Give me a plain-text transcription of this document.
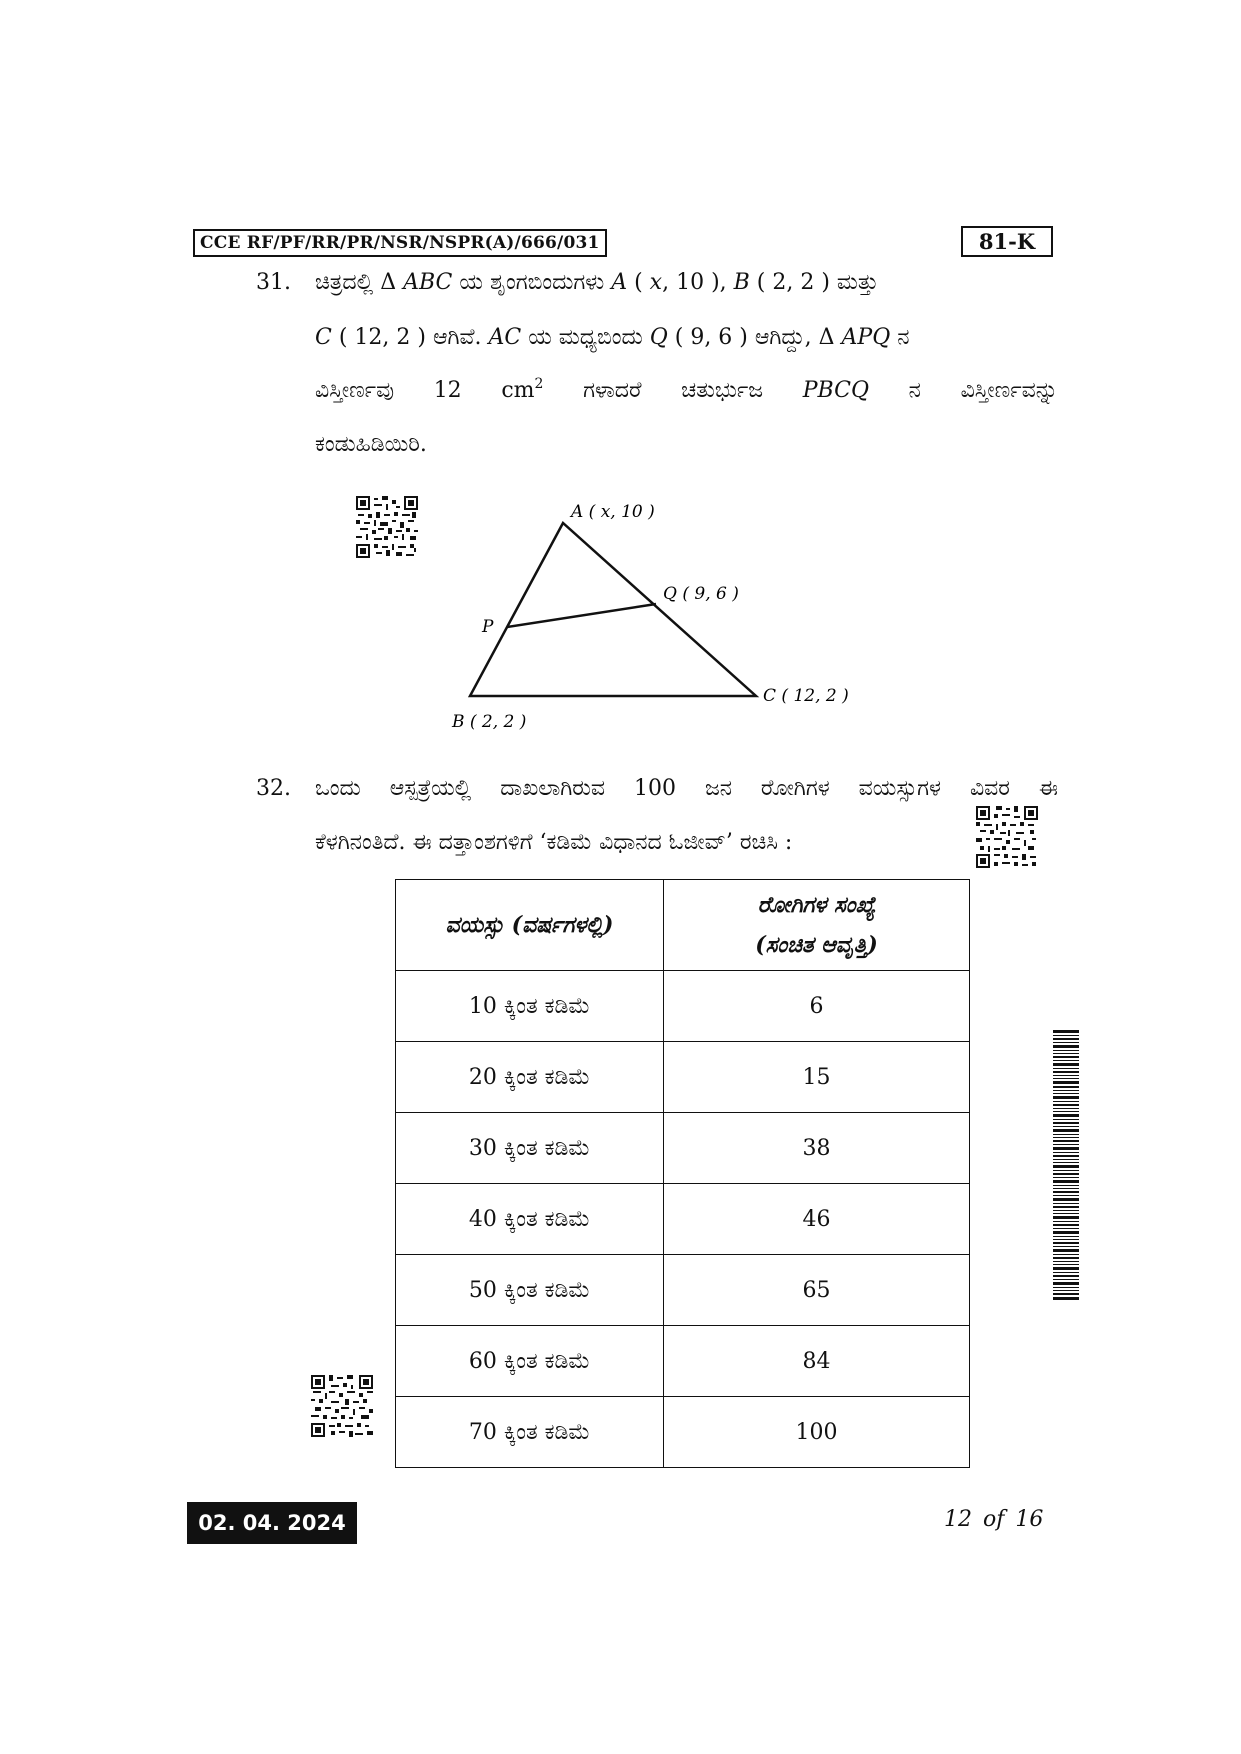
CCE RF/PF/RR/PR/NSR/NSPR(A)/666/031	81-K
31. ಚಿತ್ರದಲ್ಲಿ Δ ABC ಯ ಶೃಂಗಬಿಂದುಗಳು A ( x, 10 ), B ( 2, 2 ) ಮತ್ತು
C ( 12, 2 ) ಆಗಿವೆ. AC ಯ ಮಧ್ಯಬಿಂದು Q ( 9, 6 ) ಆಗಿದ್ದು, Δ APQ ನ
ವಿಸ್ತೀರ್ಣವು 12 $cm^2$ ಗಳಾದರೆ ಚತುರ್ಭುಜ PBCQ ನ ವಿಸ್ತೀರ್ಣವನ್ನು
ಕಂಡುಹಿಡಿಯಿರಿ.
A ( x, 10 )
Q ( 9, 6 )
P
C ( 12, 2 )
B ( 2, 2 )
32. ಒಂದು ಆಸ್ಪತ್ರೆಯಲ್ಲಿ ದಾಖಲಾಗಿರುವ 100 ಜನ ರೋಗಿಗಳ ವಯಸ್ಸುಗಳ ವಿವರ ಈ
ಕೆಳಗಿನಂತಿದೆ. ಈ ದತ್ತಾಂಶಗಳಿಗೆ ‘ಕಡಿಮೆ ವಿಧಾನದ ಓಜೀವ್’ ರಚಿಸಿ :
ವಯಸ್ಸು (ವರ್ಷಗಳಲ್ಲಿ)	ರೋಗಿಗಳ ಸಂಖ್ಯೆ
(ಸಂಚಿತ ಆವೃತ್ತಿ)

10 ಕ್ಕಿಂತ ಕಡಿಮೆ	6
20 ಕ್ಕಿಂತ ಕಡಿಮೆ	15
30 ಕ್ಕಿಂತ ಕಡಿಮೆ	38
40 ಕ್ಕಿಂತ ಕಡಿಮೆ	46
50 ಕ್ಕಿಂತ ಕಡಿಮೆ	65
60 ಕ್ಕಿಂತ ಕಡಿಮೆ	84
70 ಕ್ಕಿಂತ ಕಡಿಮೆ	100
02. 04. 2024	12 of 16
